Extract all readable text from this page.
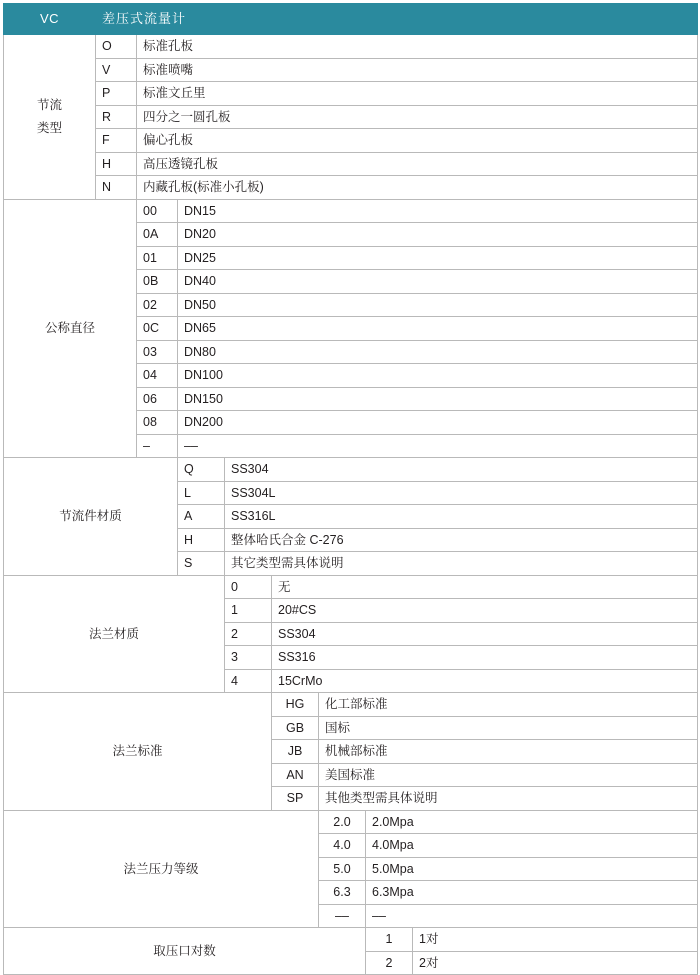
VC	差压式流量计							

节流
类型	O	标准孔板						
	V	标准喷嘴						
	P	标准文丘里						
	R	四分之一圆孔板						
	F	偏心孔板						
	H	高压透镜孔板						
	N	内藏孔板(标准小孔板)						
公称直径		00	DN15					
		0A	DN20					
		01	DN25					
		0B	DN40					
		02	DN50					
		0C	DN65					
		03	DN80					
		04	DN100					
		06	DN150					
		08	DN200					
		–	––					
节流件材质			Q	SS304				
			L	SS304L				
			A	SS316L				
			H	整体哈氏合金 C-276				
			S	其它类型需具体说明				
法兰材质				0	无			
				1	20#CS			
				2	SS304			
				3	SS316			
				4	15CrMo			
法兰标准					HG	化工部标准		
					GB	国标		
					JB	机械部标准		
					AN	美国标准		
					SP	其他类型需具体说明		
法兰压力等级						2.0	2.0Mpa	
						4.0	4.0Mpa	
						5.0	5.0Mpa	
						6.3	6.3Mpa	
						––	––	
取压口对数							1	1对
							2	2对
